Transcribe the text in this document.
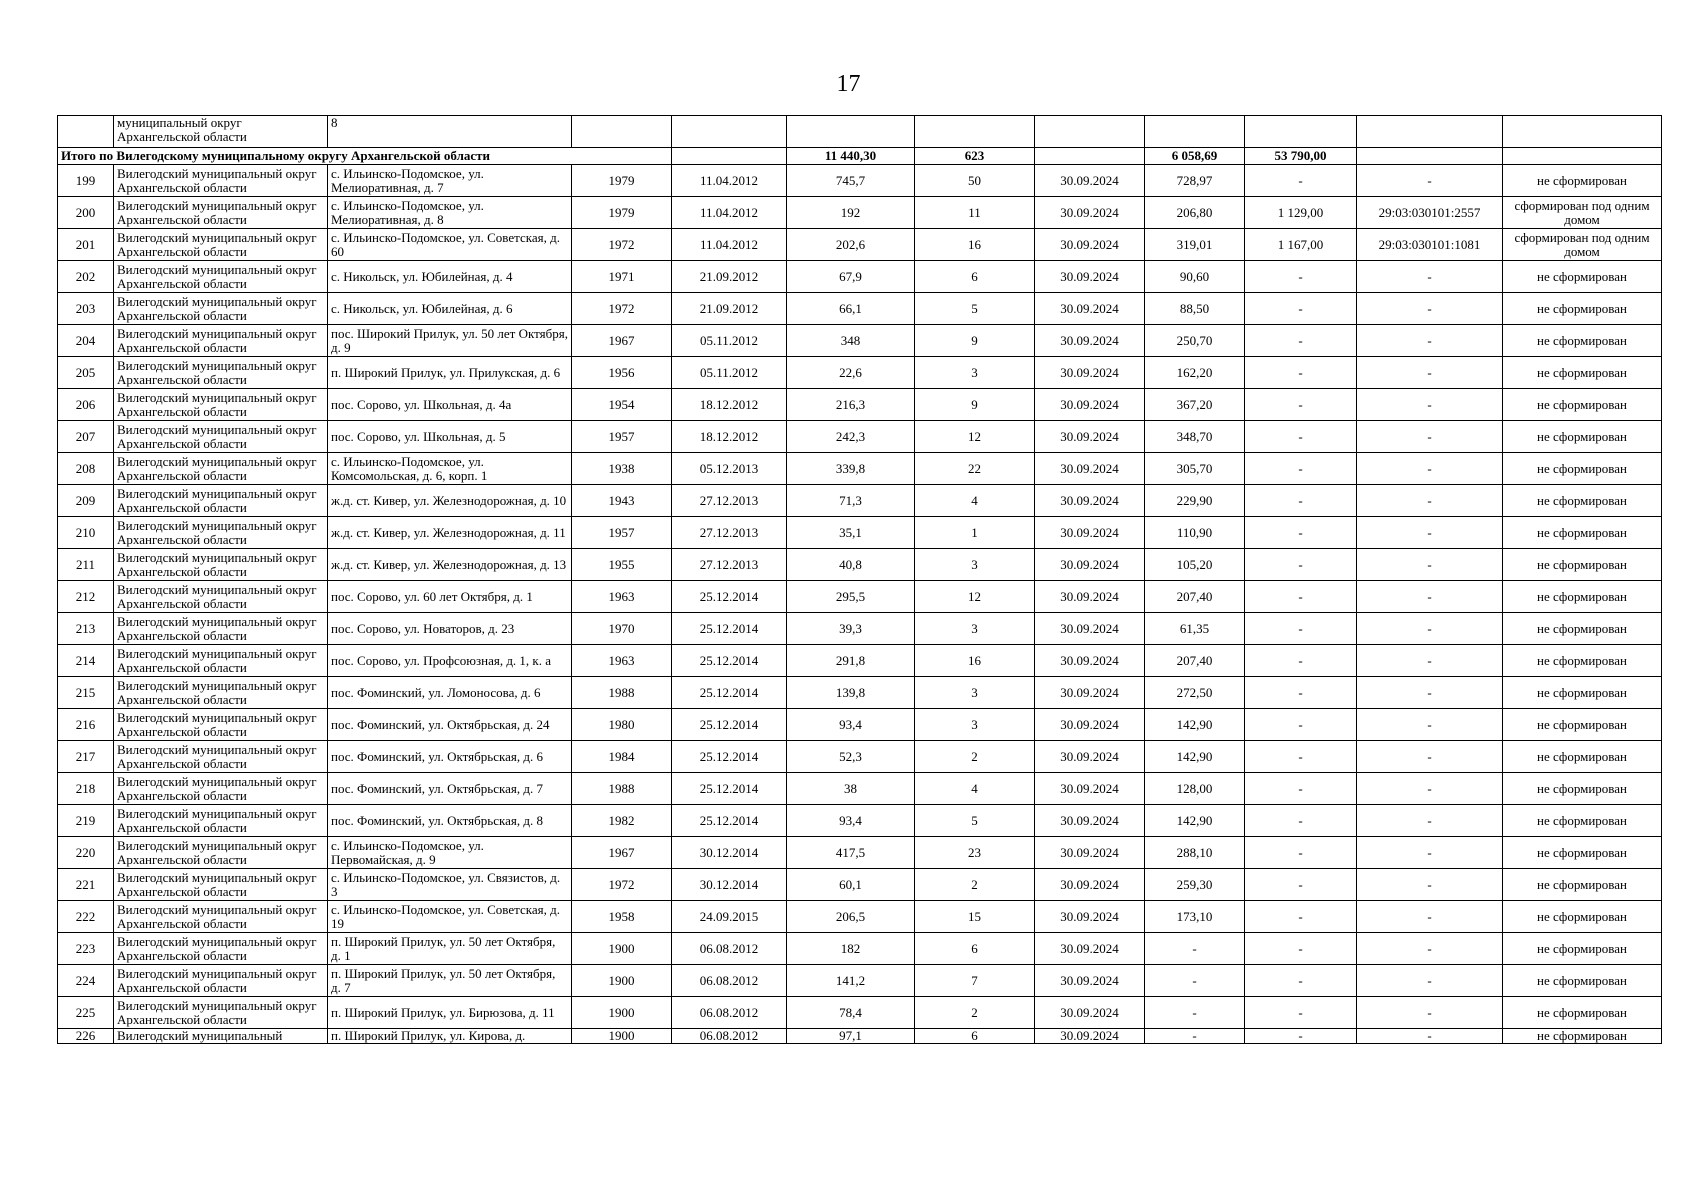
17
	муниципальный округ Архангельской области	8									
Итого по Вилегодскому муниципальному округу Архангельской области					11 440,30	623		6 058,69	53 790,00		
199	Вилегодский муниципальный округ Архангельской области	с. Ильинско-Подомское, ул. Мелиоративная, д. 7	1979	11.04.2012	745,7	50	30.09.2024	728,97	-	-	не сформирован
200	Вилегодский муниципальный округ Архангельской области	с. Ильинско-Подомское, ул. Мелиоративная, д. 8	1979	11.04.2012	192	11	30.09.2024	206,80	1 129,00	29:03:030101:2557	сформирован под одним домом
201	Вилегодский муниципальный округ Архангельской области	с. Ильинско-Подомское, ул. Советская, д. 60	1972	11.04.2012	202,6	16	30.09.2024	319,01	1 167,00	29:03:030101:1081	сформирован под одним домом
202	Вилегодский муниципальный округ Архангельской области	с. Никольск, ул. Юбилейная, д. 4	1971	21.09.2012	67,9	6	30.09.2024	90,60	-	-	не сформирован
203	Вилегодский муниципальный округ Архангельской области	с. Никольск, ул. Юбилейная, д. 6	1972	21.09.2012	66,1	5	30.09.2024	88,50	-	-	не сформирован
204	Вилегодский муниципальный округ Архангельской области	пос. Широкий Прилук, ул. 50 лет Октября, д. 9	1967	05.11.2012	348	9	30.09.2024	250,70	-	-	не сформирован
205	Вилегодский муниципальный округ Архангельской области	п. Широкий Прилук, ул. Прилукская, д. 6	1956	05.11.2012	22,6	3	30.09.2024	162,20	-	-	не сформирован
206	Вилегодский муниципальный округ Архангельской области	пос. Сорово, ул. Школьная, д. 4а	1954	18.12.2012	216,3	9	30.09.2024	367,20	-	-	не сформирован
207	Вилегодский муниципальный округ Архангельской области	пос. Сорово, ул. Школьная, д. 5	1957	18.12.2012	242,3	12	30.09.2024	348,70	-	-	не сформирован
208	Вилегодский муниципальный округ Архангельской области	с. Ильинско-Подомское, ул. Комсомольская, д. 6, корп. 1	1938	05.12.2013	339,8	22	30.09.2024	305,70	-	-	не сформирован
209	Вилегодский муниципальный округ Архангельской области	ж.д. ст. Кивер, ул. Железнодорожная, д. 10	1943	27.12.2013	71,3	4	30.09.2024	229,90	-	-	не сформирован
210	Вилегодский муниципальный округ Архангельской области	ж.д. ст. Кивер, ул. Железнодорожная, д. 11	1957	27.12.2013	35,1	1	30.09.2024	110,90	-	-	не сформирован
211	Вилегодский муниципальный округ Архангельской области	ж.д. ст. Кивер, ул. Железнодорожная, д. 13	1955	27.12.2013	40,8	3	30.09.2024	105,20	-	-	не сформирован
212	Вилегодский муниципальный округ Архангельской области	пос. Сорово, ул. 60 лет Октября, д. 1	1963	25.12.2014	295,5	12	30.09.2024	207,40	-	-	не сформирован
213	Вилегодский муниципальный округ Архангельской области	пос. Сорово, ул. Новаторов, д. 23	1970	25.12.2014	39,3	3	30.09.2024	61,35	-	-	не сформирован
214	Вилегодский муниципальный округ Архангельской области	пос. Сорово, ул. Профсоюзная, д. 1, к. а	1963	25.12.2014	291,8	16	30.09.2024	207,40	-	-	не сформирован
215	Вилегодский муниципальный округ Архангельской области	пос. Фоминский, ул. Ломоносова, д. 6	1988	25.12.2014	139,8	3	30.09.2024	272,50	-	-	не сформирован
216	Вилегодский муниципальный округ Архангельской области	пос. Фоминский, ул. Октябрьская, д. 24	1980	25.12.2014	93,4	3	30.09.2024	142,90	-	-	не сформирован
217	Вилегодский муниципальный округ Архангельской области	пос. Фоминский, ул. Октябрьская, д. 6	1984	25.12.2014	52,3	2	30.09.2024	142,90	-	-	не сформирован
218	Вилегодский муниципальный округ Архангельской области	пос. Фоминский, ул. Октябрьская, д. 7	1988	25.12.2014	38	4	30.09.2024	128,00	-	-	не сформирован
219	Вилегодский муниципальный округ Архангельской области	пос. Фоминский, ул. Октябрьская, д. 8	1982	25.12.2014	93,4	5	30.09.2024	142,90	-	-	не сформирован
220	Вилегодский муниципальный округ Архангельской области	с. Ильинско-Подомское, ул. Первомайская, д. 9	1967	30.12.2014	417,5	23	30.09.2024	288,10	-	-	не сформирован
221	Вилегодский муниципальный округ Архангельской области	с. Ильинско-Подомское, ул. Связистов, д. 3	1972	30.12.2014	60,1	2	30.09.2024	259,30	-	-	не сформирован
222	Вилегодский муниципальный округ Архангельской области	с. Ильинско-Подомское, ул. Советская, д. 19	1958	24.09.2015	206,5	15	30.09.2024	173,10	-	-	не сформирован
223	Вилегодский муниципальный округ Архангельской области	п. Широкий Прилук, ул. 50 лет Октября, д. 1	1900	06.08.2012	182	6	30.09.2024	-	-	-	не сформирован
224	Вилегодский муниципальный округ Архангельской области	п. Широкий Прилук, ул. 50 лет Октября, д. 7	1900	06.08.2012	141,2	7	30.09.2024	-	-	-	не сформирован
225	Вилегодский муниципальный округ Архангельской области	п. Широкий Прилук, ул. Бирюзова, д. 11	1900	06.08.2012	78,4	2	30.09.2024	-	-	-	не сформирован
226	Вилегодский муниципальный	п. Широкий Прилук, ул. Кирова, д.	1900	06.08.2012	97,1	6	30.09.2024	-	-	-	не сформирован
